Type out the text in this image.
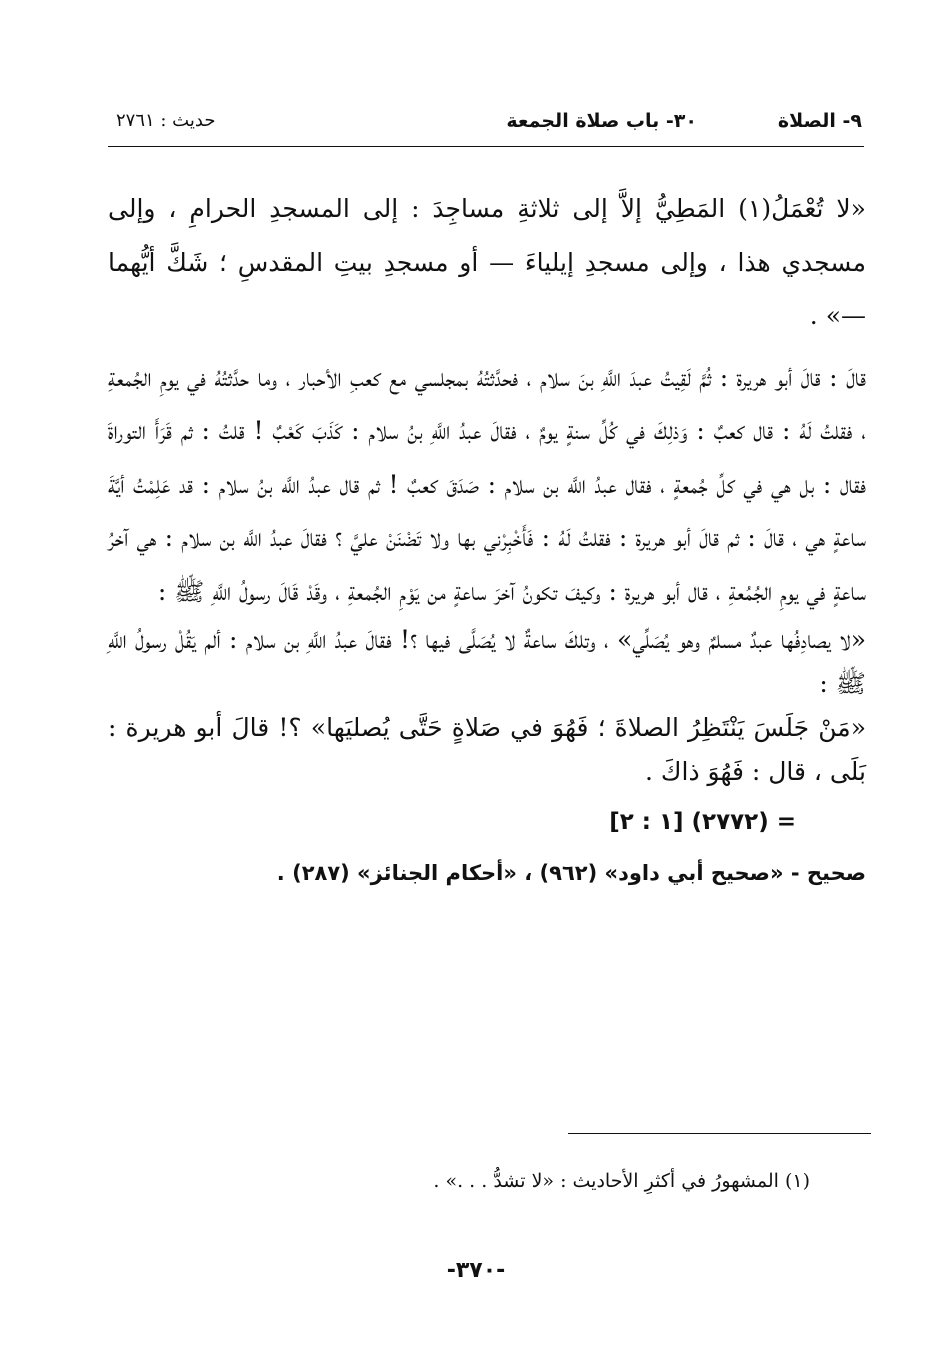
٩- الصلاة
٣٠- باب صلاة الجمعة
حديث : ٢٧٦١

«لا تُعْمَلُ(١) المَطِيُّ إلاَّ إلى ثلاثةِ مساجِدَ : إلى المسجدِ الحرامِ ، وإلى مسجدي هذا ، وإلى مسجدِ إيلياءَ — أو مسجدِ بيتِ المقدسِ ؛ شَكَّ أيُّهما —» .

قالَ : قالَ أبو هريرة : ثُمَّ لَقِيتُ عبدَ اللَّهِ بنَ سلام ، فحدَّثتُهُ بمجلسي مع كعبِ الأحبار ، وما حدَّثتُهُ في يومِ الجُمعةِ ، فقلتُ لَهُ : قال كعبٌ : وَذلِكَ في كُلِّ سنةٍ يومٌ ، فقالَ عبدُ اللَّهِ بنُ سلام : كَذَبَ كَعْبٌ ! قلتُ : ثم قَرَأَ التوراةَ فقال : بل هي في كلِّ جُمعةٍ ، فقال عبدُ اللَّه بن سلام : صَدَقَ كعبٌ ! ثم قال عبدُ اللَّه بنُ سلام : قد عَلِمْتُ أيَّةَ ساعةٍ هي ، قالَ : ثم قالَ أبو هريرة : فقلتُ لَهُ : فَأَخْبِرْني بها ولا تَضْنَنْ عليَّ ؟ فقالَ عبدُ اللَّه بن سلام : هي آخرُ ساعةٍ في يومِ الجُمُعةِ ، قال أبو هريرة : وكيفَ تكونُ آخرَ ساعةٍ من يَوْمِ الجُمعةِ ، وقَدْ قَالَ رسولُ اللَّهِ ﷺ :

«لا يصادِفُها عبدٌ مسلمٌ وهو يُصَلِّي» ، وتلكَ ساعةٌ لا يُصَلَّى فيها ؟! فقالَ عبدُ اللَّهِ بن سلام : ألم يَقُلْ رسولُ اللَّهِ ﷺ :

«مَنْ جَلَسَ يَنْتَظِرُ الصلاةَ ؛ فَهُوَ في صَلاةٍ حَتَّى يُصليَها» ؟! قالَ أبو هريرة : بَلَى ، قال : فَهُوَ ذاكَ .

= (٢٧٧٢) [١ : ٢]

صحيح - «صحيح أبي داود» (٩٦٢) ، «أحكام الجنائز» (٢٨٧) .

(١) المشهورُ في أكثرِ الأحاديث : «لا تشدُّ . . .» .
-٣٧٠-
